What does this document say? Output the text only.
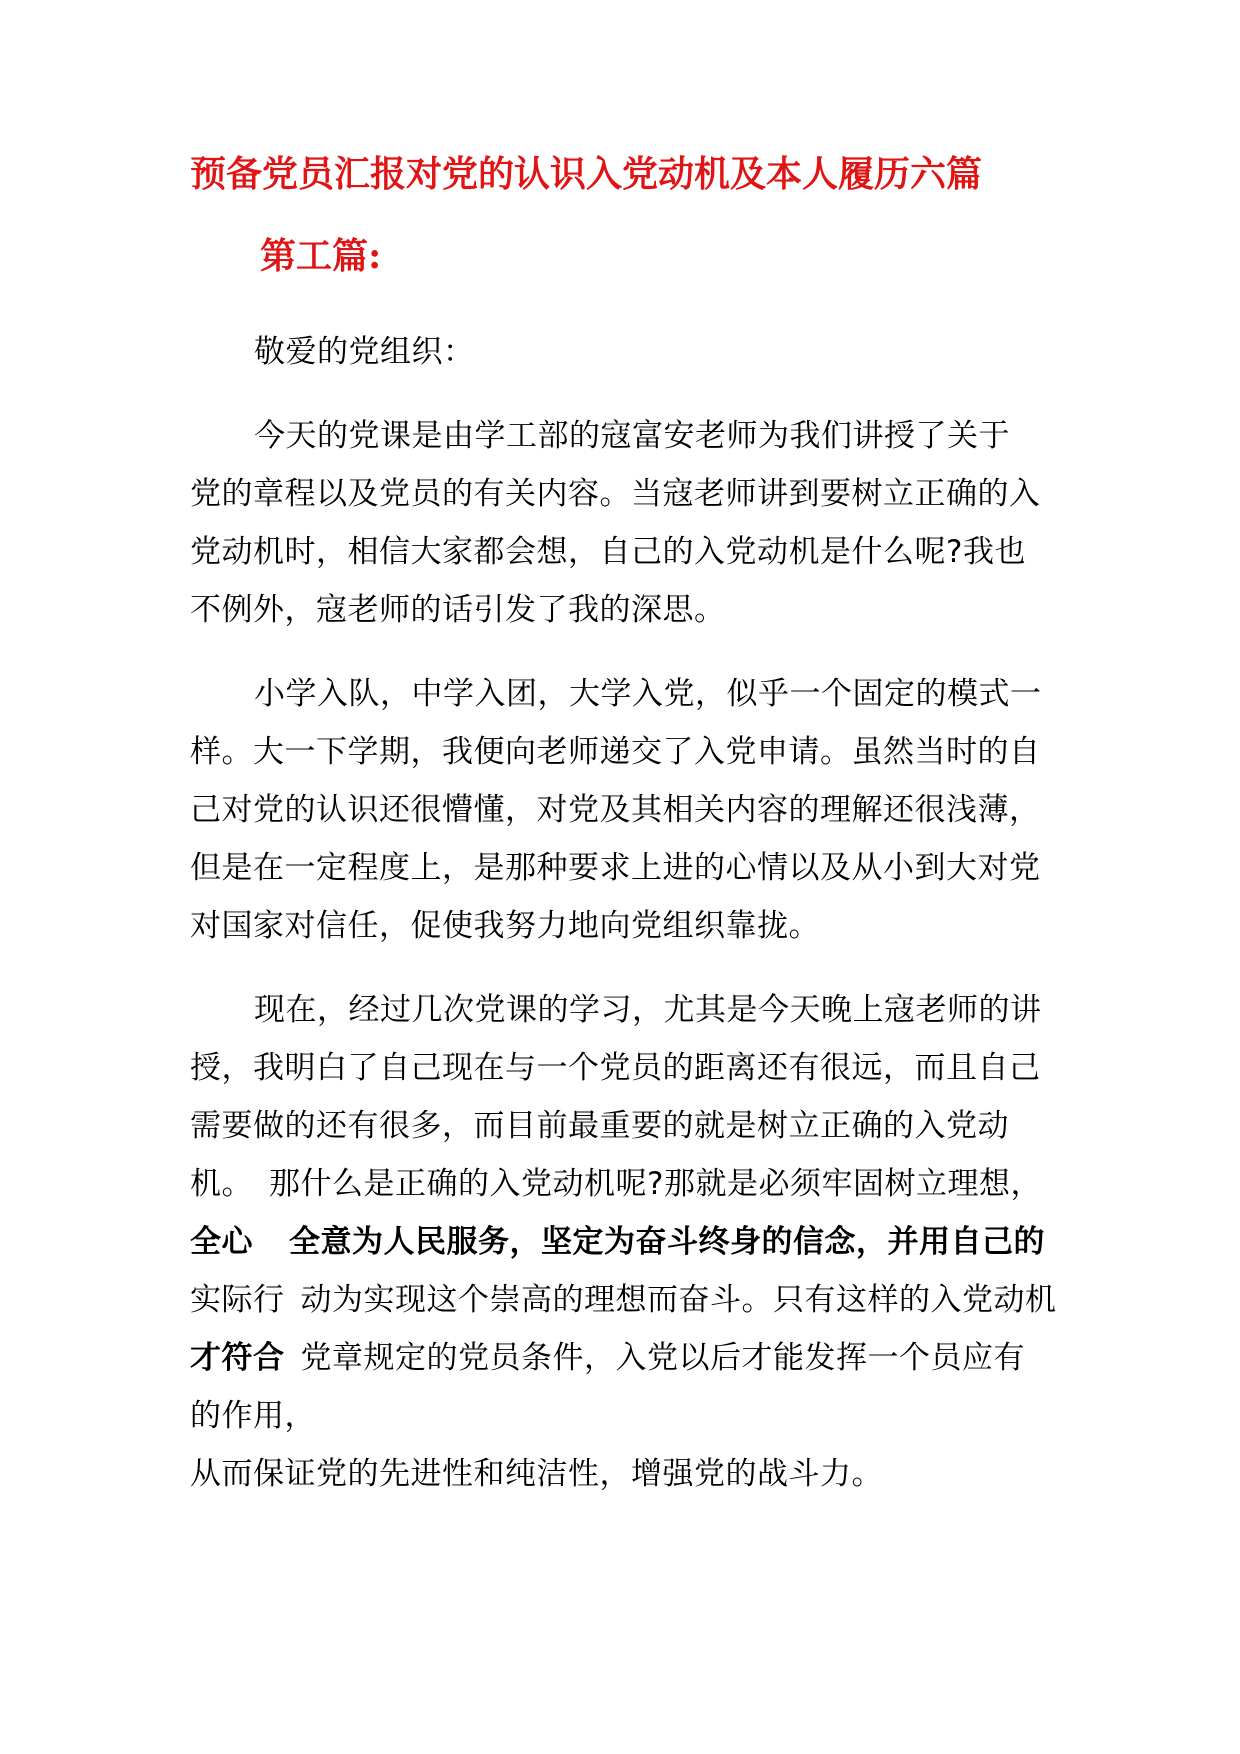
预备党员汇报对党的认识入党动机及本人履历六篇
第工篇:

敬爱的党组织：

今天的党课是由学工部的寇富安老师为我们讲授了关于
党的章程以及党员的有关内容。当寇老师讲到要树立正确的入
党动机时，相信大家都会想，自己的入党动机是什么呢?我也
不例外，寇老师的话引发了我的深思。

小学入队，中学入团，大学入党，似乎一个固定的模式一
样。大一下学期，我便向老师递交了入党申请。虽然当时的自
己对党的认识还很懵懂，对党及其相关内容的理解还很浅薄，
但是在一定程度上，是那种要求上进的心情以及从小到大对党
对国家对信任，促使我努力地向党组织靠拢。

现在，经过几次党课的学习，尤其是今天晚上寇老师的讲
授，我明白了自己现在与一个党员的距离还有很远，而且自己
需要做的还有很多，而目前最重要的就是树立正确的入党动
机。 那什么是正确的入党动机呢?那就是必须牢固树立理想，
全心 全意为人民服务，坚定为奋斗终身的信念，并用自己的
实际行 动为实现这个崇高的理想而奋斗。只有这样的入党动机
才符合 党章规定的党员条件，入党以后才能发挥一个员应有
的作用，
从而保证党的先进性和纯洁性，增强党的战斗力。
